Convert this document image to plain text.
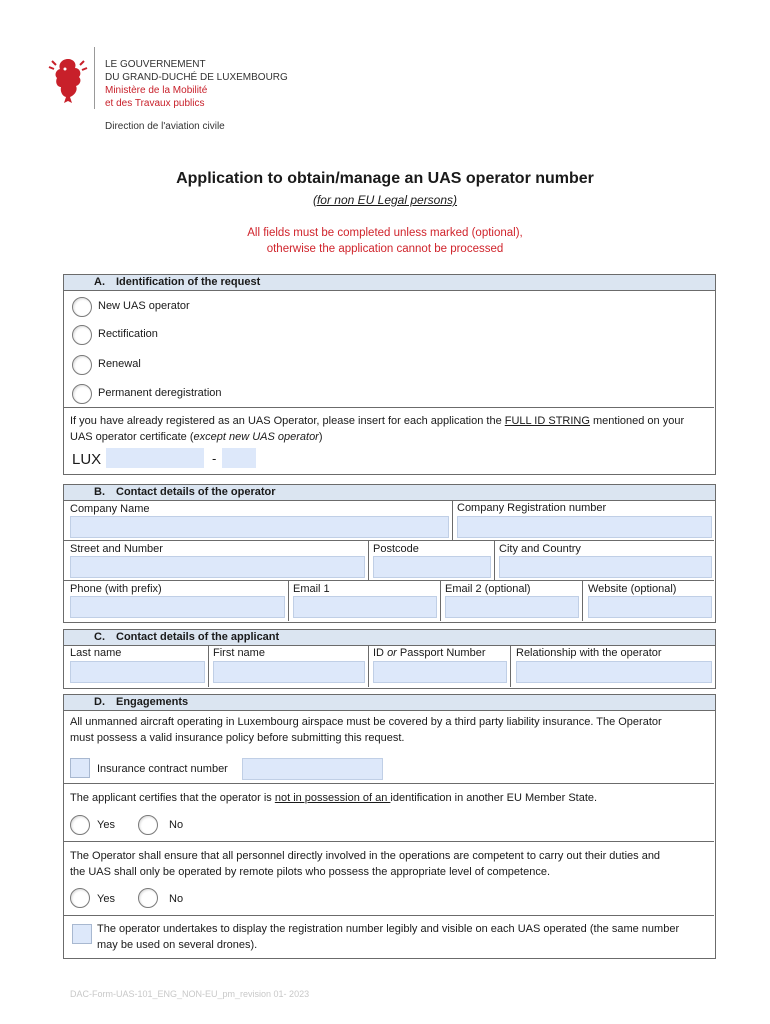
LE GOUVERNEMENT
DU GRAND-DUCHÉ DE LUXEMBOURG
Ministère de la Mobilité
et des Travaux publics
Direction de l'aviation civile
Application to obtain/manage an UAS operator number
(for non EU Legal persons)
All fields must be completed unless marked (optional),
otherwise the application cannot be processed
A. Identification of the request
New UAS operator
Rectification
Renewal
Permanent deregistration
If you have already registered as an UAS Operator, please insert for each application the FULL ID STRING mentioned on your
UAS operator certificate (except new UAS operator)
LUX	-
B. Contact details of the operator
Company Name	Company Registration number
Street and Number	Postcode	City and Country
Phone (with prefix)	Email 1	Email 2 (optional)	Website (optional)
C. Contact details of the applicant
Last name	First name	ID or Passport Number	Relationship with the operator
D. Engagements
All unmanned aircraft operating in Luxembourg airspace must be covered by a third party liability insurance. The Operator
must possess a valid insurance policy before submitting this request.
Insurance contract number
The applicant certifies that the operator is not in possession of an identification in another EU Member State.
Yes	No
The Operator shall ensure that all personnel directly involved in the operations are competent to carry out their duties and
the UAS shall only be operated by remote pilots who possess the appropriate level of competence.
Yes	No
The operator undertakes to display the registration number legibly and visible on each UAS operated (the same number
may be used on several drones).
DAC-Form-UAS-101_ENG_NON-EU_pm_revision 01- 2023
